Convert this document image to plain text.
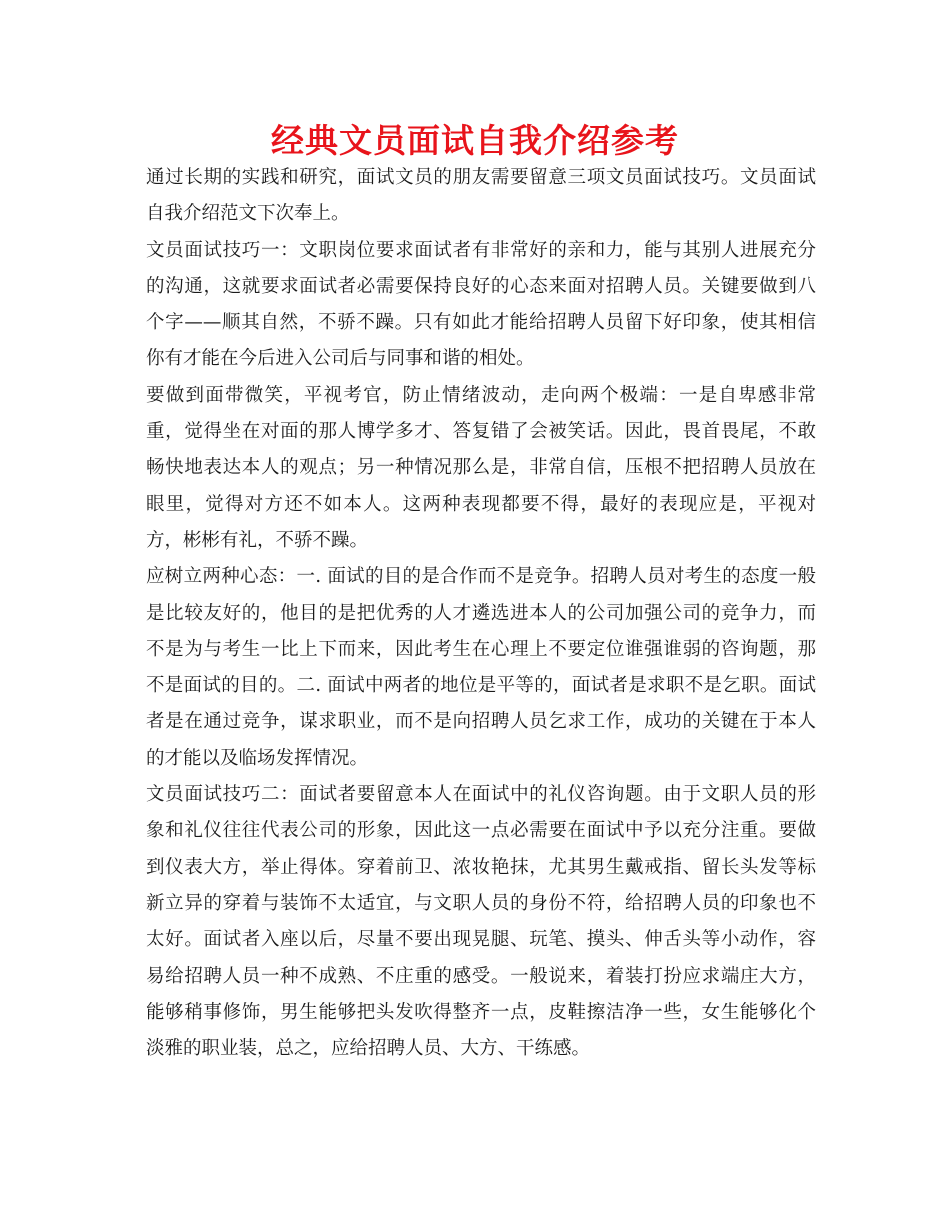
经典文员面试自我介绍参考
通过长期的实践和研究，面试文员的朋友需要留意三项文员面试技巧。文员面试
自我介绍范文下次奉上。
文员面试技巧一：文职岗位要求面试者有非常好的亲和力，能与其别人进展充分
的沟通，这就要求面试者必需要保持良好的心态来面对招聘人员。关键要做到八
个字——顺其自然，不骄不躁。只有如此才能给招聘人员留下好印象，使其相信
你有才能在今后进入公司后与同事和谐的相处。
要做到面带微笑，平视考官，防止情绪波动，走向两个极端：一是自卑感非常
重，觉得坐在对面的那人博学多才、答复错了会被笑话。因此，畏首畏尾，不敢
畅快地表达本人的观点；另一种情况那么是，非常自信，压根不把招聘人员放在
眼里，觉得对方还不如本人。这两种表现都要不得，最好的表现应是，平视对
方，彬彬有礼，不骄不躁。
应树立两种心态：一. 面试的目的是合作而不是竞争。招聘人员对考生的态度一般
是比较友好的，他目的是把优秀的人才遴选进本人的公司加强公司的竞争力，而
不是为与考生一比上下而来，因此考生在心理上不要定位谁强谁弱的咨询题，那
不是面试的目的。二. 面试中两者的地位是平等的，面试者是求职不是乞职。面试
者是在通过竞争，谋求职业，而不是向招聘人员乞求工作，成功的关键在于本人
的才能以及临场发挥情况。
文员面试技巧二：面试者要留意本人在面试中的礼仪咨询题。由于文职人员的形
象和礼仪往往代表公司的形象，因此这一点必需要在面试中予以充分注重。要做
到仪表大方，举止得体。穿着前卫、浓妆艳抹，尤其男生戴戒指、留长头发等标
新立异的穿着与装饰不太适宜，与文职人员的身份不符，给招聘人员的印象也不
太好。面试者入座以后，尽量不要出现晃腿、玩笔、摸头、伸舌头等小动作，容
易给招聘人员一种不成熟、不庄重的感受。一般说来，着装打扮应求端庄大方，
能够稍事修饰，男生能够把头发吹得整齐一点，皮鞋擦洁净一些，女生能够化个
淡雅的职业装，总之，应给招聘人员、大方、干练感。
